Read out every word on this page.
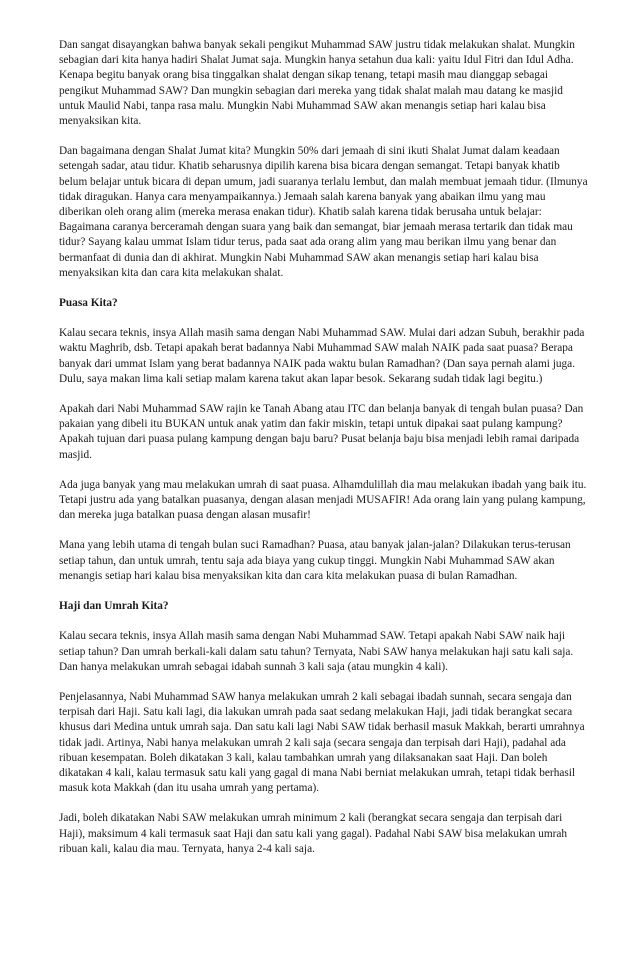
Dan sangat disayangkan bahwa banyak sekali pengikut Muhammad SAW justru tidak melakukan shalat. Mungkin sebagian dari kita hanya hadiri Shalat Jumat saja. Mungkin hanya setahun dua kali: yaitu Idul Fitri dan Idul Adha. Kenapa begitu banyak orang bisa tinggalkan shalat dengan sikap tenang, tetapi masih mau dianggap sebagai pengikut Muhammad SAW? Dan mungkin sebagian dari mereka yang tidak shalat malah mau datang ke masjid untuk Maulid Nabi, tanpa rasa malu. Mungkin Nabi Muhammad SAW akan menangis setiap hari kalau bisa menyaksikan kita.

Dan bagaimana dengan Shalat Jumat kita? Mungkin 50% dari jemaah di sini ikuti Shalat Jumat dalam keadaan setengah sadar, atau tidur. Khatib seharusnya dipilih karena bisa bicara dengan semangat. Tetapi banyak khatib belum belajar untuk bicara di depan umum, jadi suaranya terlalu lembut, dan malah membuat jemaah tidur. (Ilmunya tidak diragukan. Hanya cara menyampaikannya.) Jemaah salah karena banyak yang abaikan ilmu yang mau diberikan oleh orang alim (mereka merasa enakan tidur). Khatib salah karena tidak berusaha untuk belajar: Bagaimana caranya berceramah dengan suara yang baik dan semangat, biar jemaah merasa tertarik dan tidak mau tidur? Sayang kalau ummat Islam tidur terus, pada saat ada orang alim yang mau berikan ilmu yang benar dan bermanfaat di dunia dan di akhirat. Mungkin Nabi Muhammad SAW akan menangis setiap hari kalau bisa menyaksikan kita dan cara kita melakukan shalat.

Puasa Kita?

Kalau secara teknis, insya Allah masih sama dengan Nabi Muhammad SAW. Mulai dari adzan Subuh, berakhir pada waktu Maghrib, dsb. Tetapi apakah berat badannya Nabi Muhammad SAW malah NAIK pada saat puasa? Berapa banyak dari ummat Islam yang berat badannya NAIK pada waktu bulan Ramadhan? (Dan saya pernah alami juga. Dulu, saya makan lima kali setiap malam karena takut akan lapar besok. Sekarang sudah tidak lagi begitu.)

Apakah dari Nabi Muhammad SAW rajin ke Tanah Abang atau ITC dan belanja banyak di tengah bulan puasa? Dan pakaian yang dibeli itu BUKAN untuk anak yatim dan fakir miskin, tetapi untuk dipakai saat pulang kampung? Apakah tujuan dari puasa pulang kampung dengan baju baru? Pusat belanja baju bisa menjadi lebih ramai daripada masjid.

Ada juga banyak yang mau melakukan umrah di saat puasa. Alhamdulillah dia mau melakukan ibadah yang baik itu. Tetapi justru ada yang batalkan puasanya, dengan alasan menjadi MUSAFIR! Ada orang lain yang pulang kampung, dan mereka juga batalkan puasa dengan alasan musafir!

Mana yang lebih utama di tengah bulan suci Ramadhan? Puasa, atau banyak jalan-jalan? Dilakukan terus-terusan setiap tahun, dan untuk umrah, tentu saja ada biaya yang cukup tinggi. Mungkin Nabi Muhammad SAW akan menangis setiap hari kalau bisa menyaksikan kita dan cara kita melakukan puasa di bulan Ramadhan.

Haji dan Umrah Kita?

Kalau secara teknis, insya Allah masih sama dengan Nabi Muhammad SAW. Tetapi apakah Nabi SAW naik haji setiap tahun? Dan umrah berkali-kali dalam satu tahun? Ternyata, Nabi SAW hanya melakukan haji satu kali saja. Dan hanya melakukan umrah sebagai idabah sunnah 3 kali saja (atau mungkin 4 kali).

Penjelasannya, Nabi Muhammad SAW hanya melakukan umrah 2 kali sebagai ibadah sunnah, secara sengaja dan terpisah dari Haji. Satu kali lagi, dia lakukan umrah pada saat sedang melakukan Haji, jadi tidak berangkat secara khusus dari Medina untuk umrah saja. Dan satu kali lagi Nabi SAW tidak berhasil masuk Makkah, berarti umrahnya tidak jadi. Artinya, Nabi hanya melakukan umrah 2 kali saja (secara sengaja dan terpisah dari Haji), padahal ada ribuan kesempatan. Boleh dikatakan 3 kali, kalau tambahkan umrah yang dilaksanakan saat Haji. Dan boleh dikatakan 4 kali, kalau termasuk satu kali yang gagal di mana Nabi berniat melakukan umrah, tetapi tidak berhasil masuk kota Makkah (dan itu usaha umrah yang pertama).

Jadi, boleh dikatakan Nabi SAW melakukan umrah minimum 2 kali (berangkat secara sengaja dan terpisah dari Haji), maksimum 4 kali termasuk saat Haji dan satu kali yang gagal). Padahal Nabi SAW bisa melakukan umrah ribuan kali, kalau dia mau. Ternyata, hanya 2-4 kali saja.
